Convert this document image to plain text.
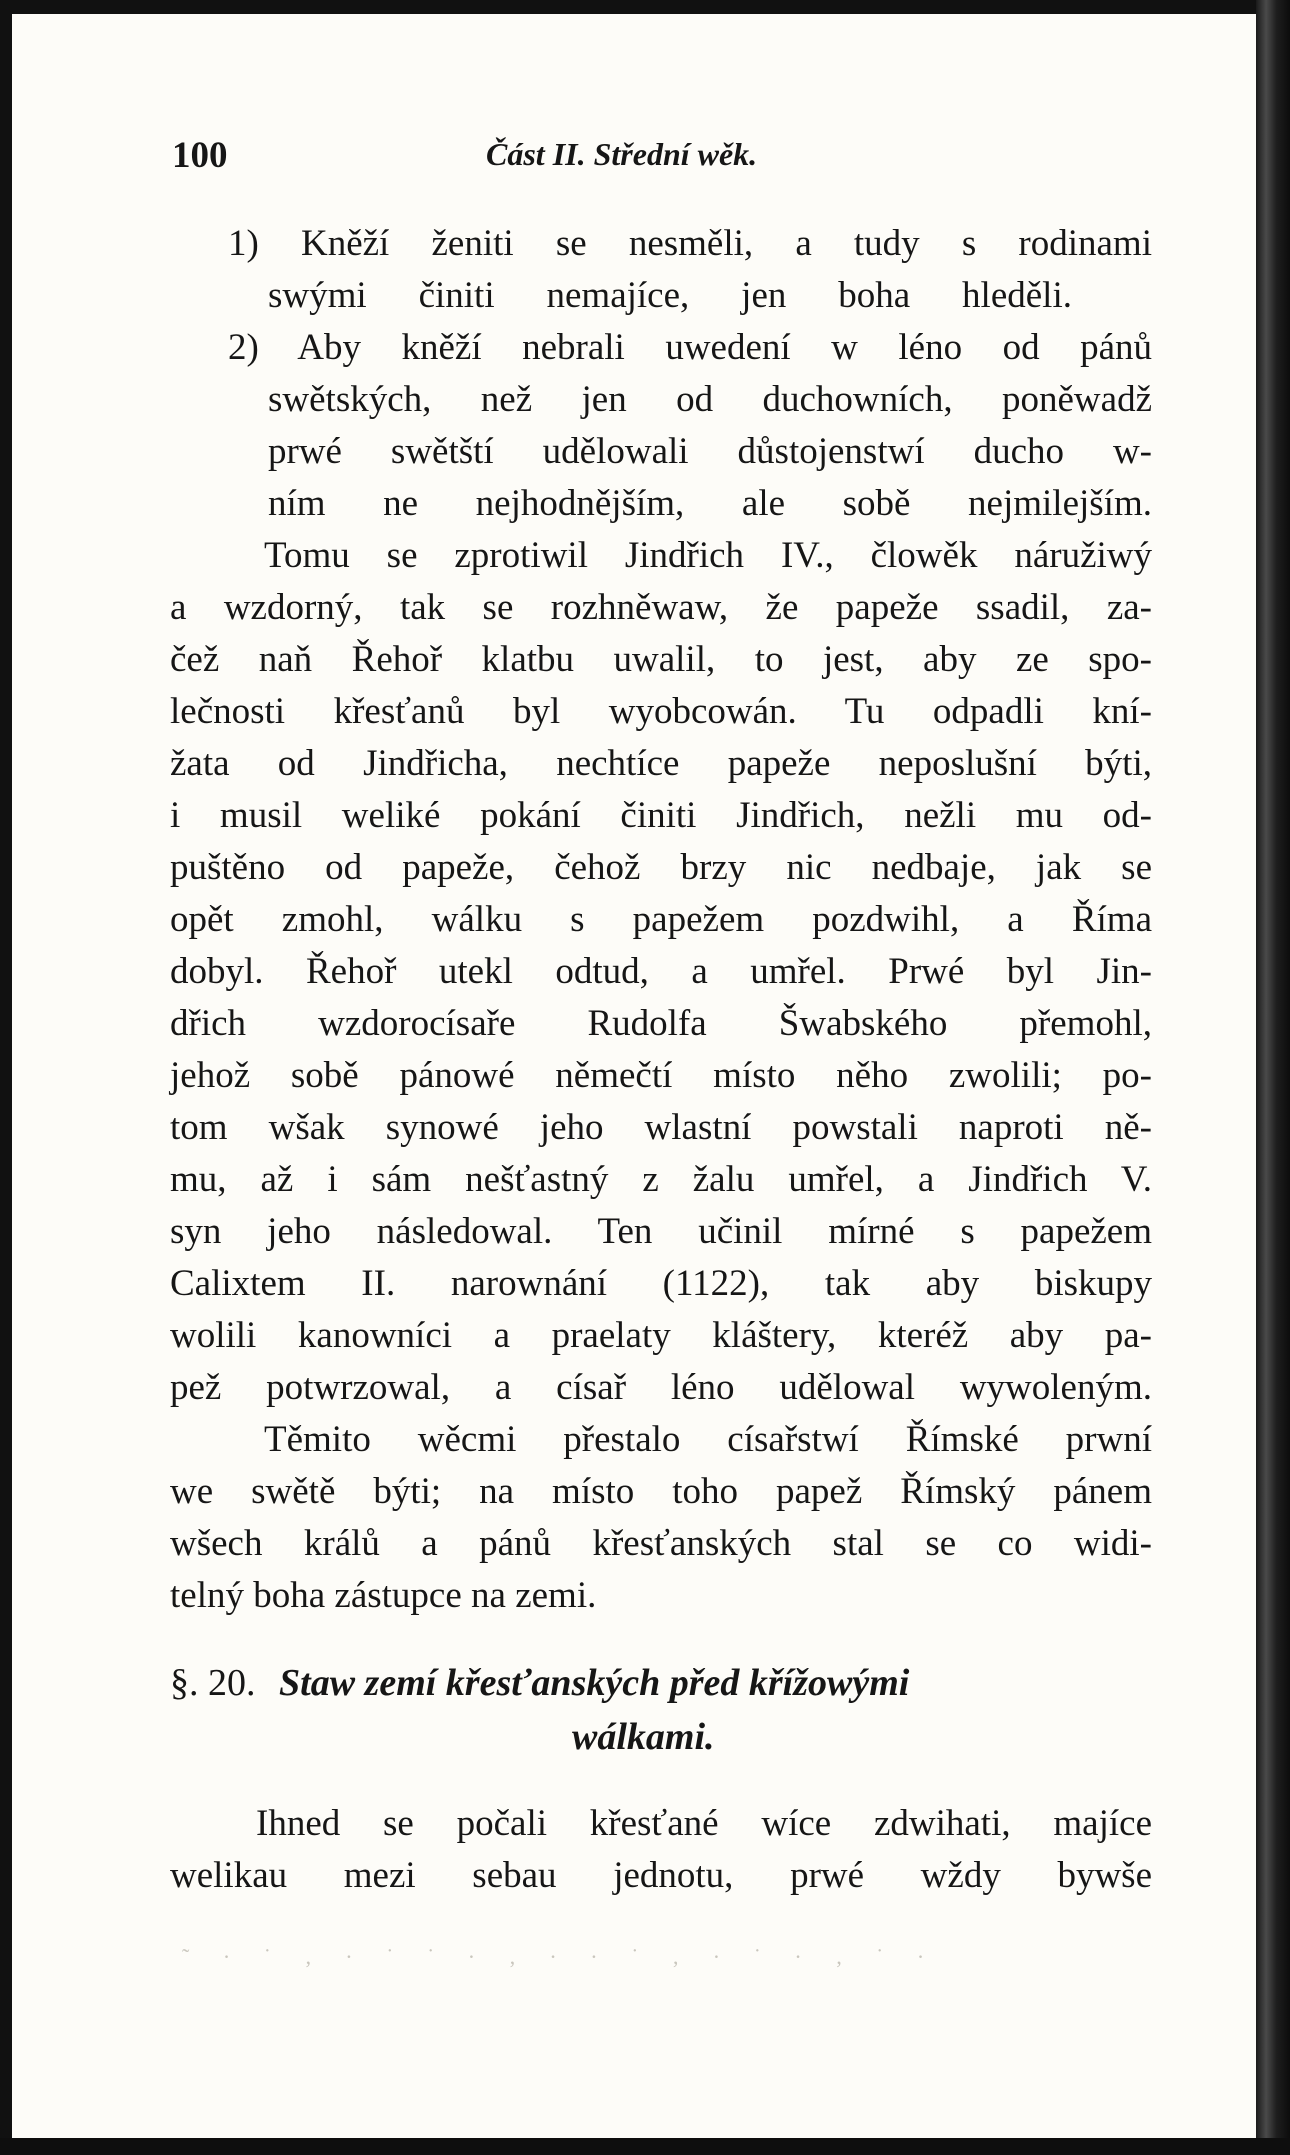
100	Část II. Střední wěk.
1) Kněží ženiti se nesměli, a tudy s rodinami
swými činiti nemajíce, jen boha hleděli.
2) Aby kněží nebrali uwedení w léno od pánů
swětských, než jen od duchowních, poněwadž
prwé swětští udělowali důstojenstwí ducho w-
ním ne nejhodnějším, ale sobě nejmilejším.
Tomu se zprotiwil Jindřich IV., člowěk náružiwý
a wzdorný, tak se rozhněwaw, že papeže ssadil, za-
čež naň Řehoř klatbu uwalil, to jest, aby ze spo-
lečnosti křesťanů byl wyobcowán. Tu odpadli kní-
žata od Jindřicha, nechtíce papeže neposlušní býti,
i musil weliké pokání činiti Jindřich, nežli mu od-
puštěno od papeže, čehož brzy nic nedbaje, jak se
opět zmohl, wálku s papežem pozdwihl, a Říma
dobyl. Řehoř utekl odtud, a umřel. Prwé byl Jin-
dřich wzdorocísaře Rudolfa Šwabského přemohl,
jehož sobě pánowé němečtí místo něho zwolili; po-
tom wšak synowé jeho wlastní powstali naproti ně-
mu, až i sám nešťastný z žalu umřel, a Jindřich V.
syn jeho následowal. Ten učinil mírné s papežem
Calixtem II. narownání (1122), tak aby biskupy
wolili kanowníci a praelaty kláštery, kteréž aby pa-
pež potwrzowal, a císař léno udělowal wywoleným.
Těmito wěcmi přestalo císařstwí Římské prwní
we swětě býti; na místo toho papež Římský pánem
wšech králů a pánů křesťanských stal se co widi-
telný boha zástupce na zemi.
§. 20. Staw zemí křesťanských před křížowými
wálkami.
Ihned se počali křesťané wíce zdwihati, majíce
welikau mezi sebau jednotu, prwé wždy bywše
˜ · ˙ ‚ · ˙ ˙ · ‚ · · ˙ ‚ · ˙ · ‚ ˙ ·
